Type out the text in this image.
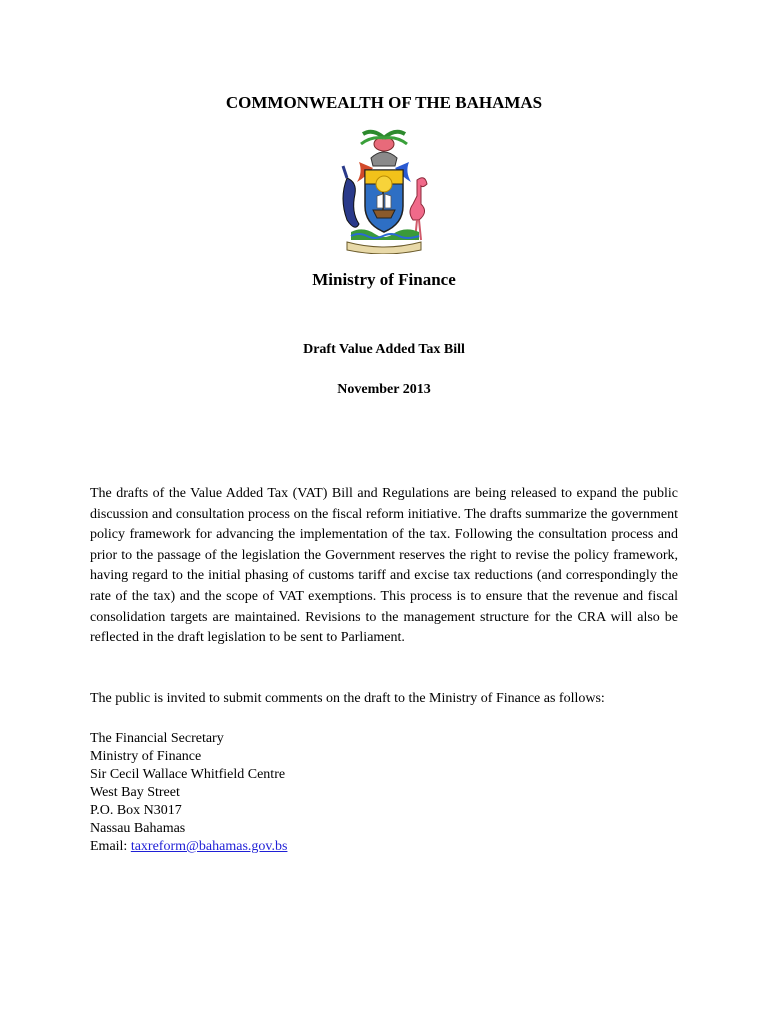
COMMONWEALTH OF THE BAHAMAS
Ministry of Finance
Draft Value Added Tax Bill
November 2013
The drafts of the Value Added Tax (VAT) Bill and Regulations are being released to expand the public discussion and consultation process on the fiscal reform initiative. The drafts summarize the government policy framework for advancing the implementation of the tax. Following the consultation process and prior to the passage of the legislation the Government reserves the right to revise the policy framework, having regard to the initial phasing of customs tariff and excise tax reductions (and correspondingly the rate of the tax) and the scope of VAT exemptions. This process is to ensure that the revenue and fiscal consolidation targets are maintained. Revisions to the management structure for the CRA will also be reflected in the draft legislation to be sent to Parliament.
The public is invited to submit comments on the draft to the Ministry of Finance as follows:
The Financial Secretary
Ministry of Finance
Sir Cecil Wallace Whitfield Centre
West Bay Street
P.O. Box N3017
Nassau Bahamas
Email: taxreform@bahamas.gov.bs
